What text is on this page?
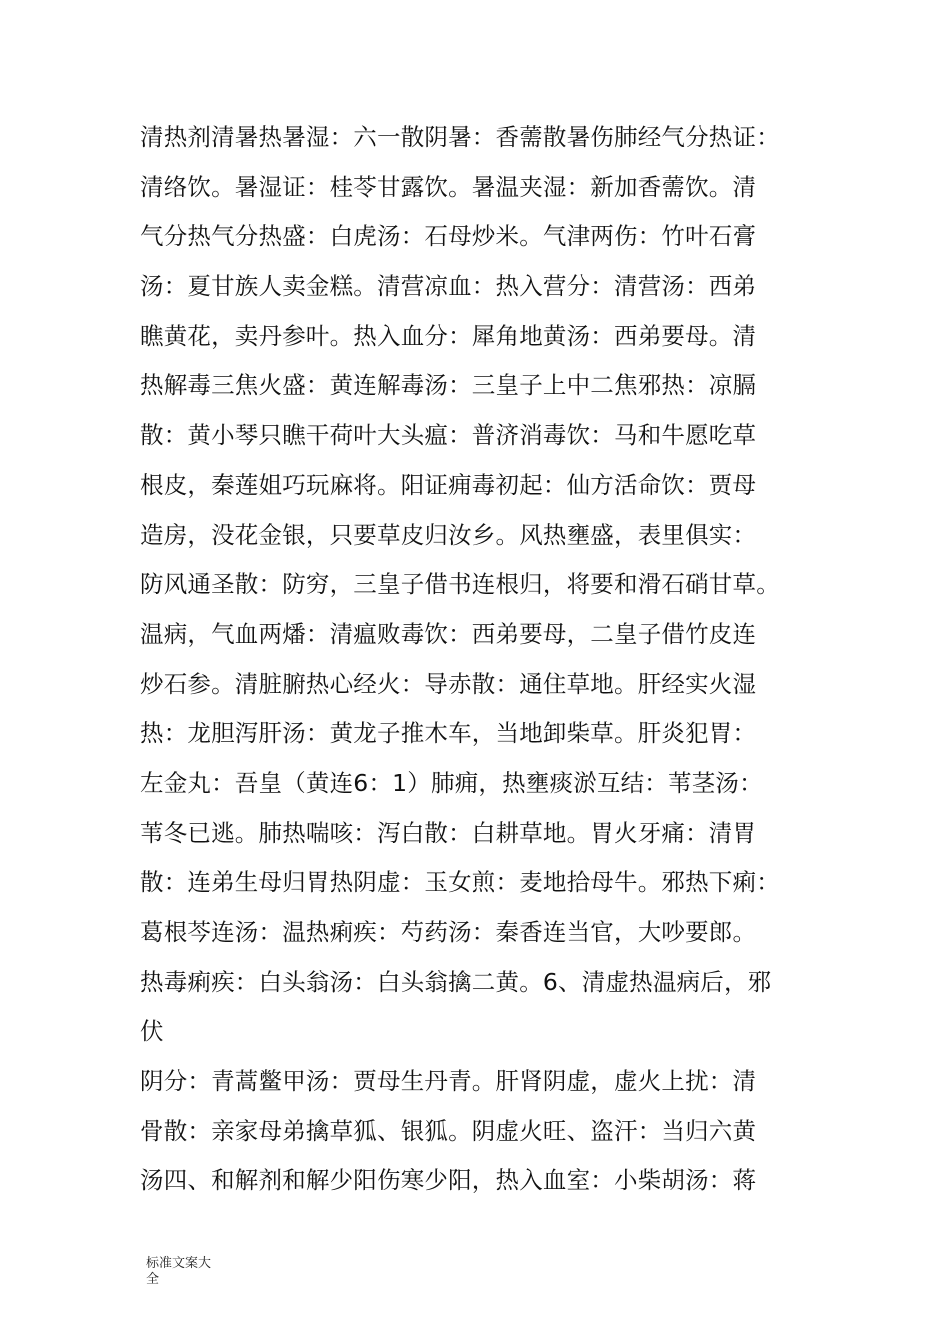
清热剂清暑热暑湿：六一散阴暑：香薷散暑伤肺经气分热证：
清络饮。暑湿证：桂苓甘露饮。暑温夹湿：新加香薷饮。清
气分热气分热盛：白虎汤：石母炒米。气津两伤：竹叶石膏
汤：夏甘族人卖金糕。清营凉血：热入营分：清营汤：西弟
瞧黄花，卖丹参叶。热入血分：犀角地黄汤：西弟要母。清
热解毒三焦火盛：黄连解毒汤：三皇子上中二焦邪热：凉膈
散：黄小琴只瞧干荷叶大头瘟：普济消毒饮：马和牛愿吃草
根皮，秦莲姐巧玩麻将。阳证痈毒初起：仙方活命饮：贾母
造房，没花金银，只要草皮归汝乡。风热壅盛，表里俱实：
防风通圣散：防穷，三皇子借书连根归，将要和滑石硝甘草。
温病，气血两燔：清瘟败毒饮：西弟要母，二皇子借竹皮连
炒石参。清脏腑热心经火：导赤散：通住草地。肝经实火湿
热：龙胆泻肝汤：黄龙子推木车，当地卸柴草。肝炎犯胃：
左金丸：吾皇（黄连6：1）肺痈，热壅痰淤互结：苇茎汤：
苇冬已逃。肺热喘咳：泻白散：白耕草地。胃火牙痛：清胃
散：连弟生母归胃热阴虚：玉女煎：麦地拾母牛。邪热下痢：
葛根芩连汤：温热痢疾：芍药汤：秦香连当官，大吵要郎。
热毒痢疾：白头翁汤：白头翁擒二黄。6、清虚热温病后，邪
伏
阴分：青蒿鳖甲汤：贾母生丹青。肝肾阴虚，虚火上扰：清
骨散：亲家母弟擒草狐、银狐。阴虚火旺、盗汗：当归六黄
汤四、和解剂和解少阳伤寒少阳，热入血室：小柴胡汤：蒋
标准文案大
全
